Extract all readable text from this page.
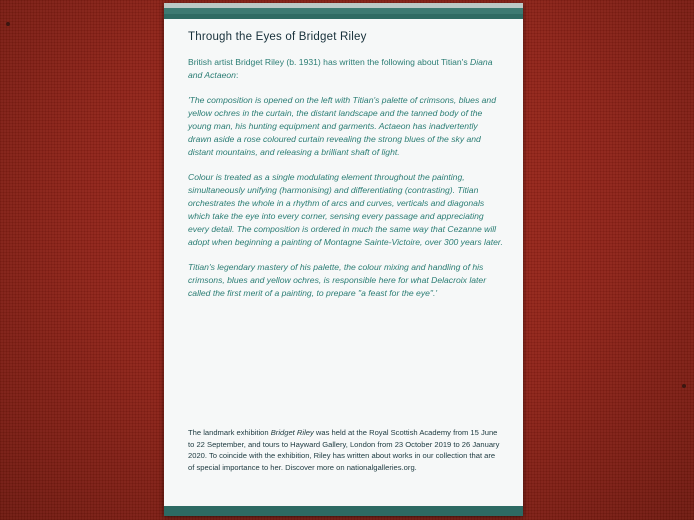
Through the Eyes of Bridget Riley

British artist Bridget Riley (b. 1931) has written the following about Titian's Diana and Actaeon:

'The composition is opened on the left with Titian's palette of crimsons, blues and yellow ochres in the curtain, the distant landscape and the tanned body of the young man, his hunting equipment and garments. Actaeon has inadvertently drawn aside a rose coloured curtain revealing the strong blues of the sky and distant mountains, and releasing a brilliant shaft of light.

Colour is treated as a single modulating element throughout the painting, simultaneously unifying (harmonising) and differentiating (contrasting). Titian orchestrates the whole in a rhythm of arcs and curves, verticals and diagonals which take the eye into every corner, sensing every passage and appreciating every detail. The composition is ordered in much the same way that Cezanne will adopt when beginning a painting of Montagne Sainte-Victoire, over 300 years later.

Titian's legendary mastery of his palette, the colour mixing and handling of his crimsons, blues and yellow ochres, is responsible here for what Delacroix later called the first merit of a painting, to prepare "a feast for the eye".'

The landmark exhibition Bridget Riley was held at the Royal Scottish Academy from 15 June to 22 September, and tours to Hayward Gallery, London from 23 October 2019 to 26 January 2020. To coincide with the exhibition, Riley has written about works in our collection that are of special importance to her. Discover more on nationalgalleries.org.
